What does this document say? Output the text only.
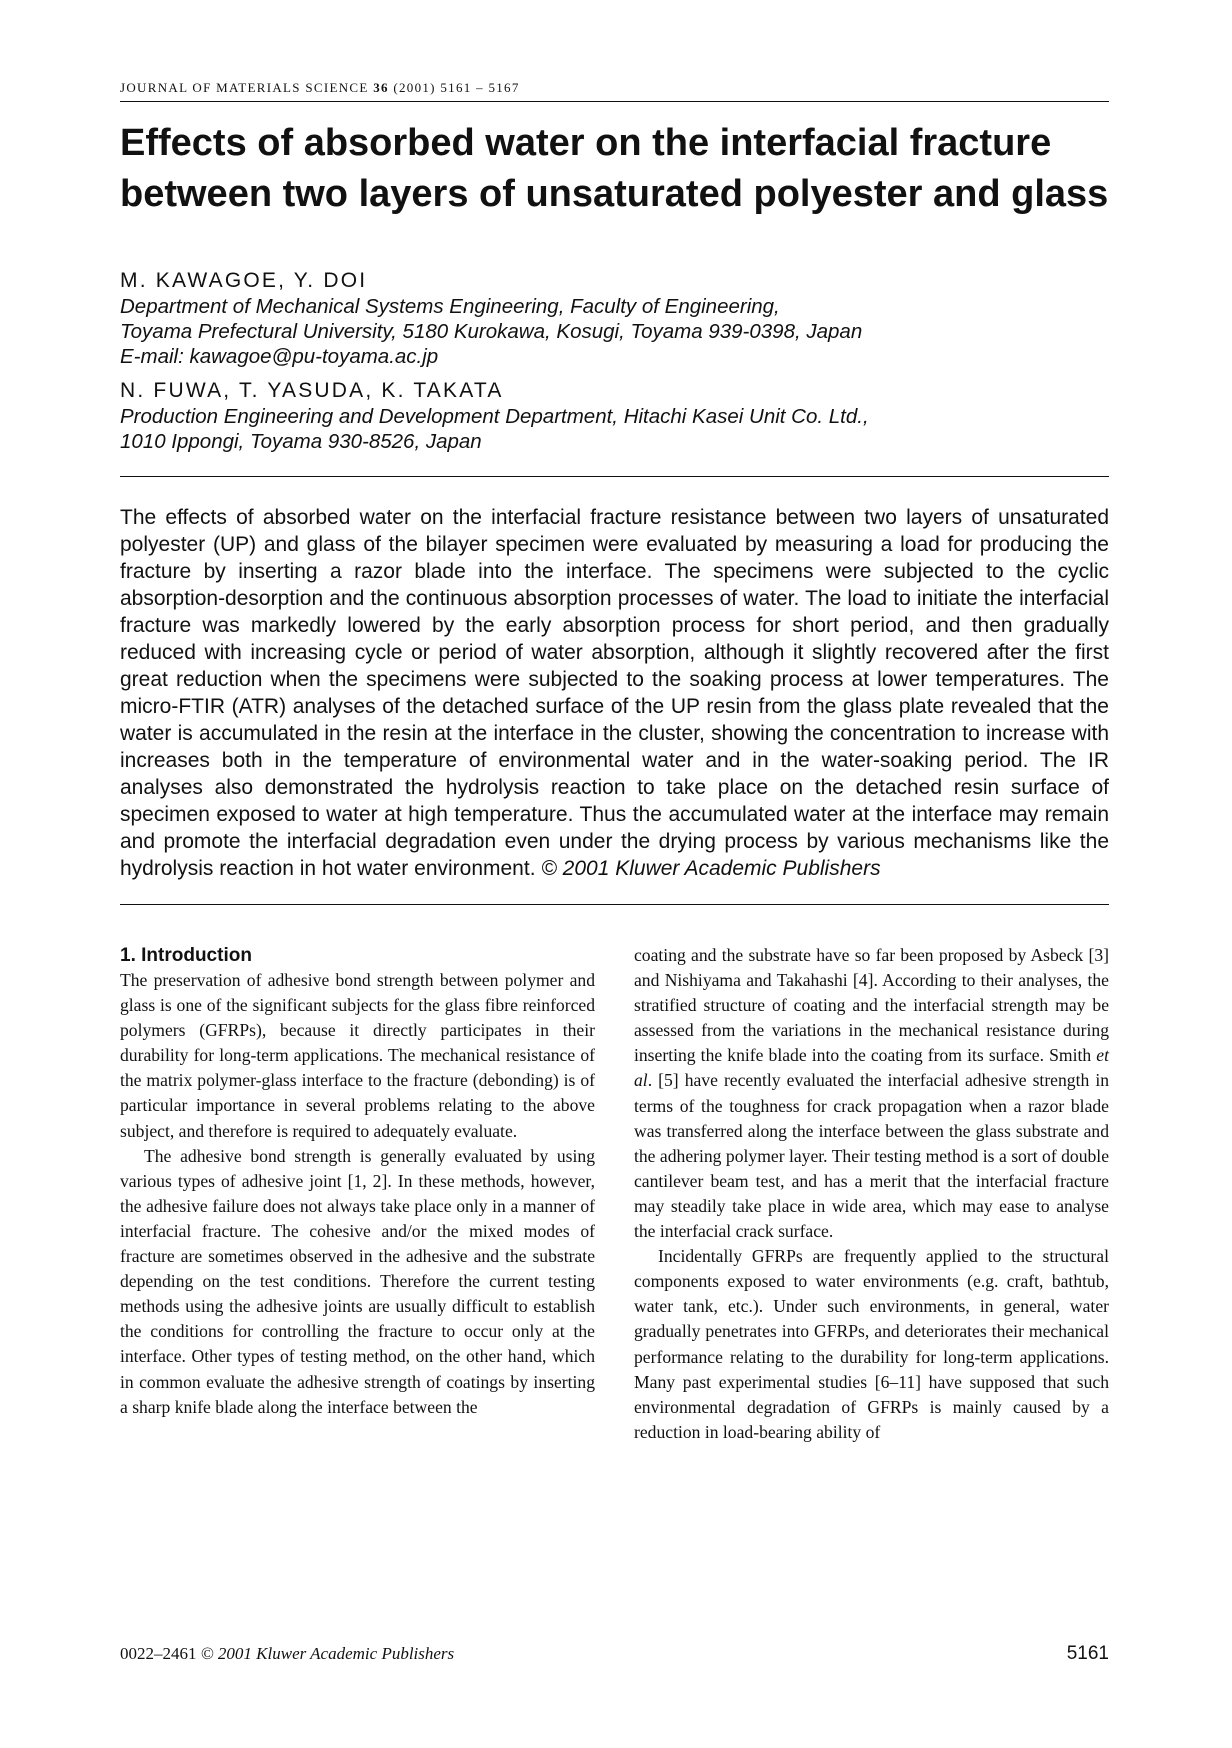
JOURNAL OF MATERIALS SCIENCE 36 (2001) 5161 – 5167
Effects of absorbed water on the interfacial fracture between two layers of unsaturated polyester and glass
M. KAWAGOE, Y. DOI
Department of Mechanical Systems Engineering, Faculty of Engineering,
Toyama Prefectural University, 5180 Kurokawa, Kosugi, Toyama 939-0398, Japan
E-mail: kawagoe@pu-toyama.ac.jp
N. FUWA, T. YASUDA, K. TAKATA
Production Engineering and Development Department, Hitachi Kasei Unit Co. Ltd.,
1010 Ippongi, Toyama 930-8526, Japan
The effects of absorbed water on the interfacial fracture resistance between two layers of unsaturated polyester (UP) and glass of the bilayer specimen were evaluated by measuring a load for producing the fracture by inserting a razor blade into the interface. The specimens were subjected to the cyclic absorption-desorption and the continuous absorption processes of water. The load to initiate the interfacial fracture was markedly lowered by the early absorption process for short period, and then gradually reduced with increasing cycle or period of water absorption, although it slightly recovered after the first great reduction when the specimens were subjected to the soaking process at lower temperatures. The micro-FTIR (ATR) analyses of the detached surface of the UP resin from the glass plate revealed that the water is accumulated in the resin at the interface in the cluster, showing the concentration to increase with increases both in the temperature of environmental water and in the water-soaking period. The IR analyses also demonstrated the hydrolysis reaction to take place on the detached resin surface of specimen exposed to water at high temperature. Thus the accumulated water at the interface may remain and promote the interfacial degradation even under the drying process by various mechanisms like the hydrolysis reaction in hot water environment. © 2001 Kluwer Academic Publishers
1. Introduction

The preservation of adhesive bond strength between polymer and glass is one of the significant subjects for the glass fibre reinforced polymers (GFRPs), because it directly participates in their durability for long-term applications. The mechanical resistance of the matrix polymer-glass interface to the fracture (debonding) is of particular importance in several problems relating to the above subject, and therefore is required to adequately evaluate.

The adhesive bond strength is generally evaluated by using various types of adhesive joint [1, 2]. In these methods, however, the adhesive failure does not always take place only in a manner of interfacial fracture. The cohesive and/or the mixed modes of fracture are sometimes observed in the adhesive and the substrate depending on the test conditions. Therefore the current testing methods using the adhesive joints are usually difficult to establish the conditions for controlling the fracture to occur only at the interface. Other types of testing method, on the other hand, which in common evaluate the adhesive strength of coatings by inserting a sharp knife blade along the interface between the

coating and the substrate have so far been proposed by Asbeck [3] and Nishiyama and Takahashi [4]. According to their analyses, the stratified structure of coating and the interfacial strength may be assessed from the variations in the mechanical resistance during inserting the knife blade into the coating from its surface. Smith et al. [5] have recently evaluated the interfacial adhesive strength in terms of the toughness for crack propagation when a razor blade was transferred along the interface between the glass substrate and the adhering polymer layer. Their testing method is a sort of double cantilever beam test, and has a merit that the interfacial fracture may steadily take place in wide area, which may ease to analyse the interfacial crack surface.

Incidentally GFRPs are frequently applied to the structural components exposed to water environments (e.g. craft, bathtub, water tank, etc.). Under such environments, in general, water gradually penetrates into GFRPs, and deteriorates their mechanical performance relating to the durability for long-term applications. Many past experimental studies [6–11] have supposed that such environmental degradation of GFRPs is mainly caused by a reduction in load-bearing ability of

0022–2461 © 2001 Kluwer Academic Publishers	5161
